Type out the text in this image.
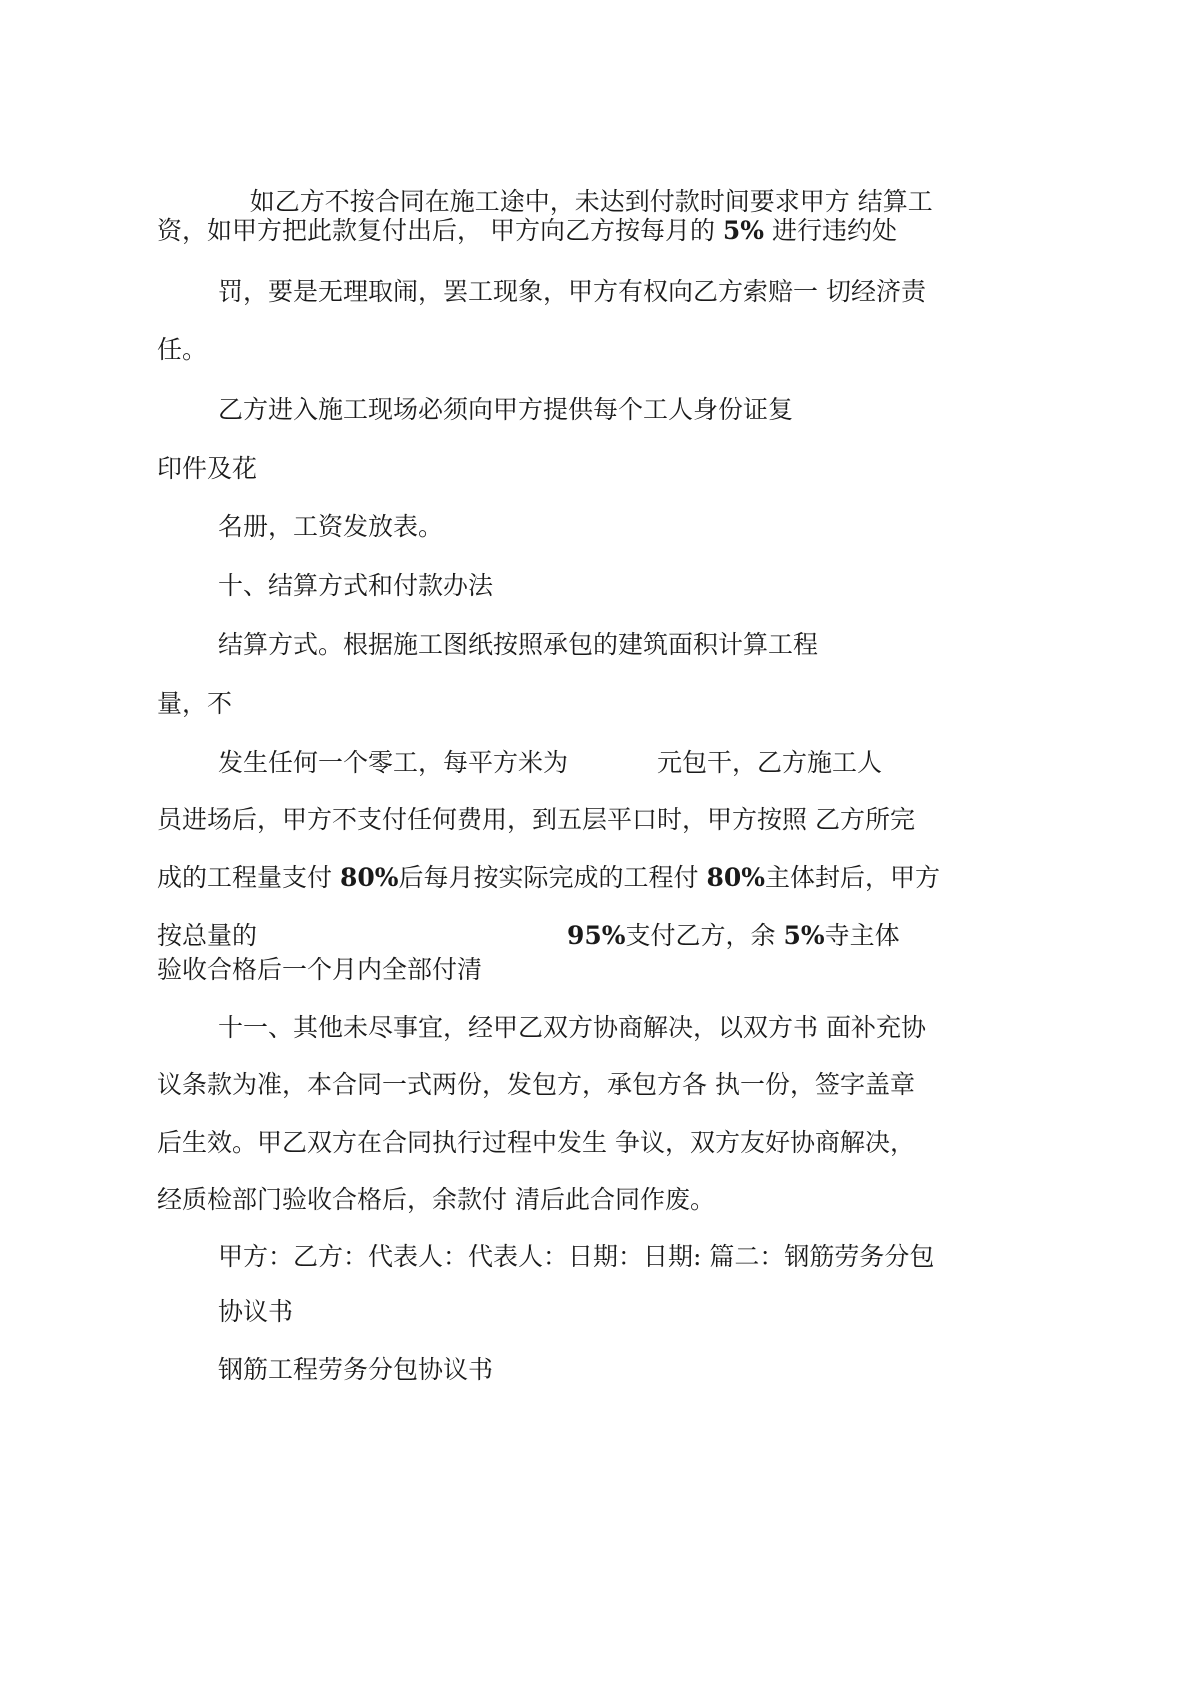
如乙方不按合同在施工途中，未达到付款时间要求甲方 结算工

资，如甲方把此款复付出后， 甲方向乙方按每月的 5% 进行违约处
罚，要是无理取闹，罢工现象，甲方有权向乙方索赔一 切经济责
任。
乙方进入施工现场必须向甲方提供每个工人身份证复
印件及花
名册，工资发放表。
十、结算方式和付款办法
结算方式。根据施工图纸按照承包的建筑面积计算工程
量，不
发生任何一个零工，每平方米为	元包干，乙方施工人
员进场后，甲方不支付任何费用，到五层平口时，甲方按照 乙方所完
成的工程量支付 80%后每月按实际完成的工程付 80%主体封后，甲方
按总量的	95%支付乙方，余 5%寺主体
验收合格后一个月内全部付清
十一、其他未尽事宜，经甲乙双方协商解决，以双方书 面补充协
议条款为准，本合同一式两份，发包方，承包方各 执一份，签字盖章
后生效。甲乙双方在合同执行过程中发生 争议，双方友好协商解决，
经质检部门验收合格后，余款付 清后此合同作废。
甲方：乙方：代表人：代表人：日期：日期: 篇二：钢筋劳务分包
协议书
钢筋工程劳务分包协议书
